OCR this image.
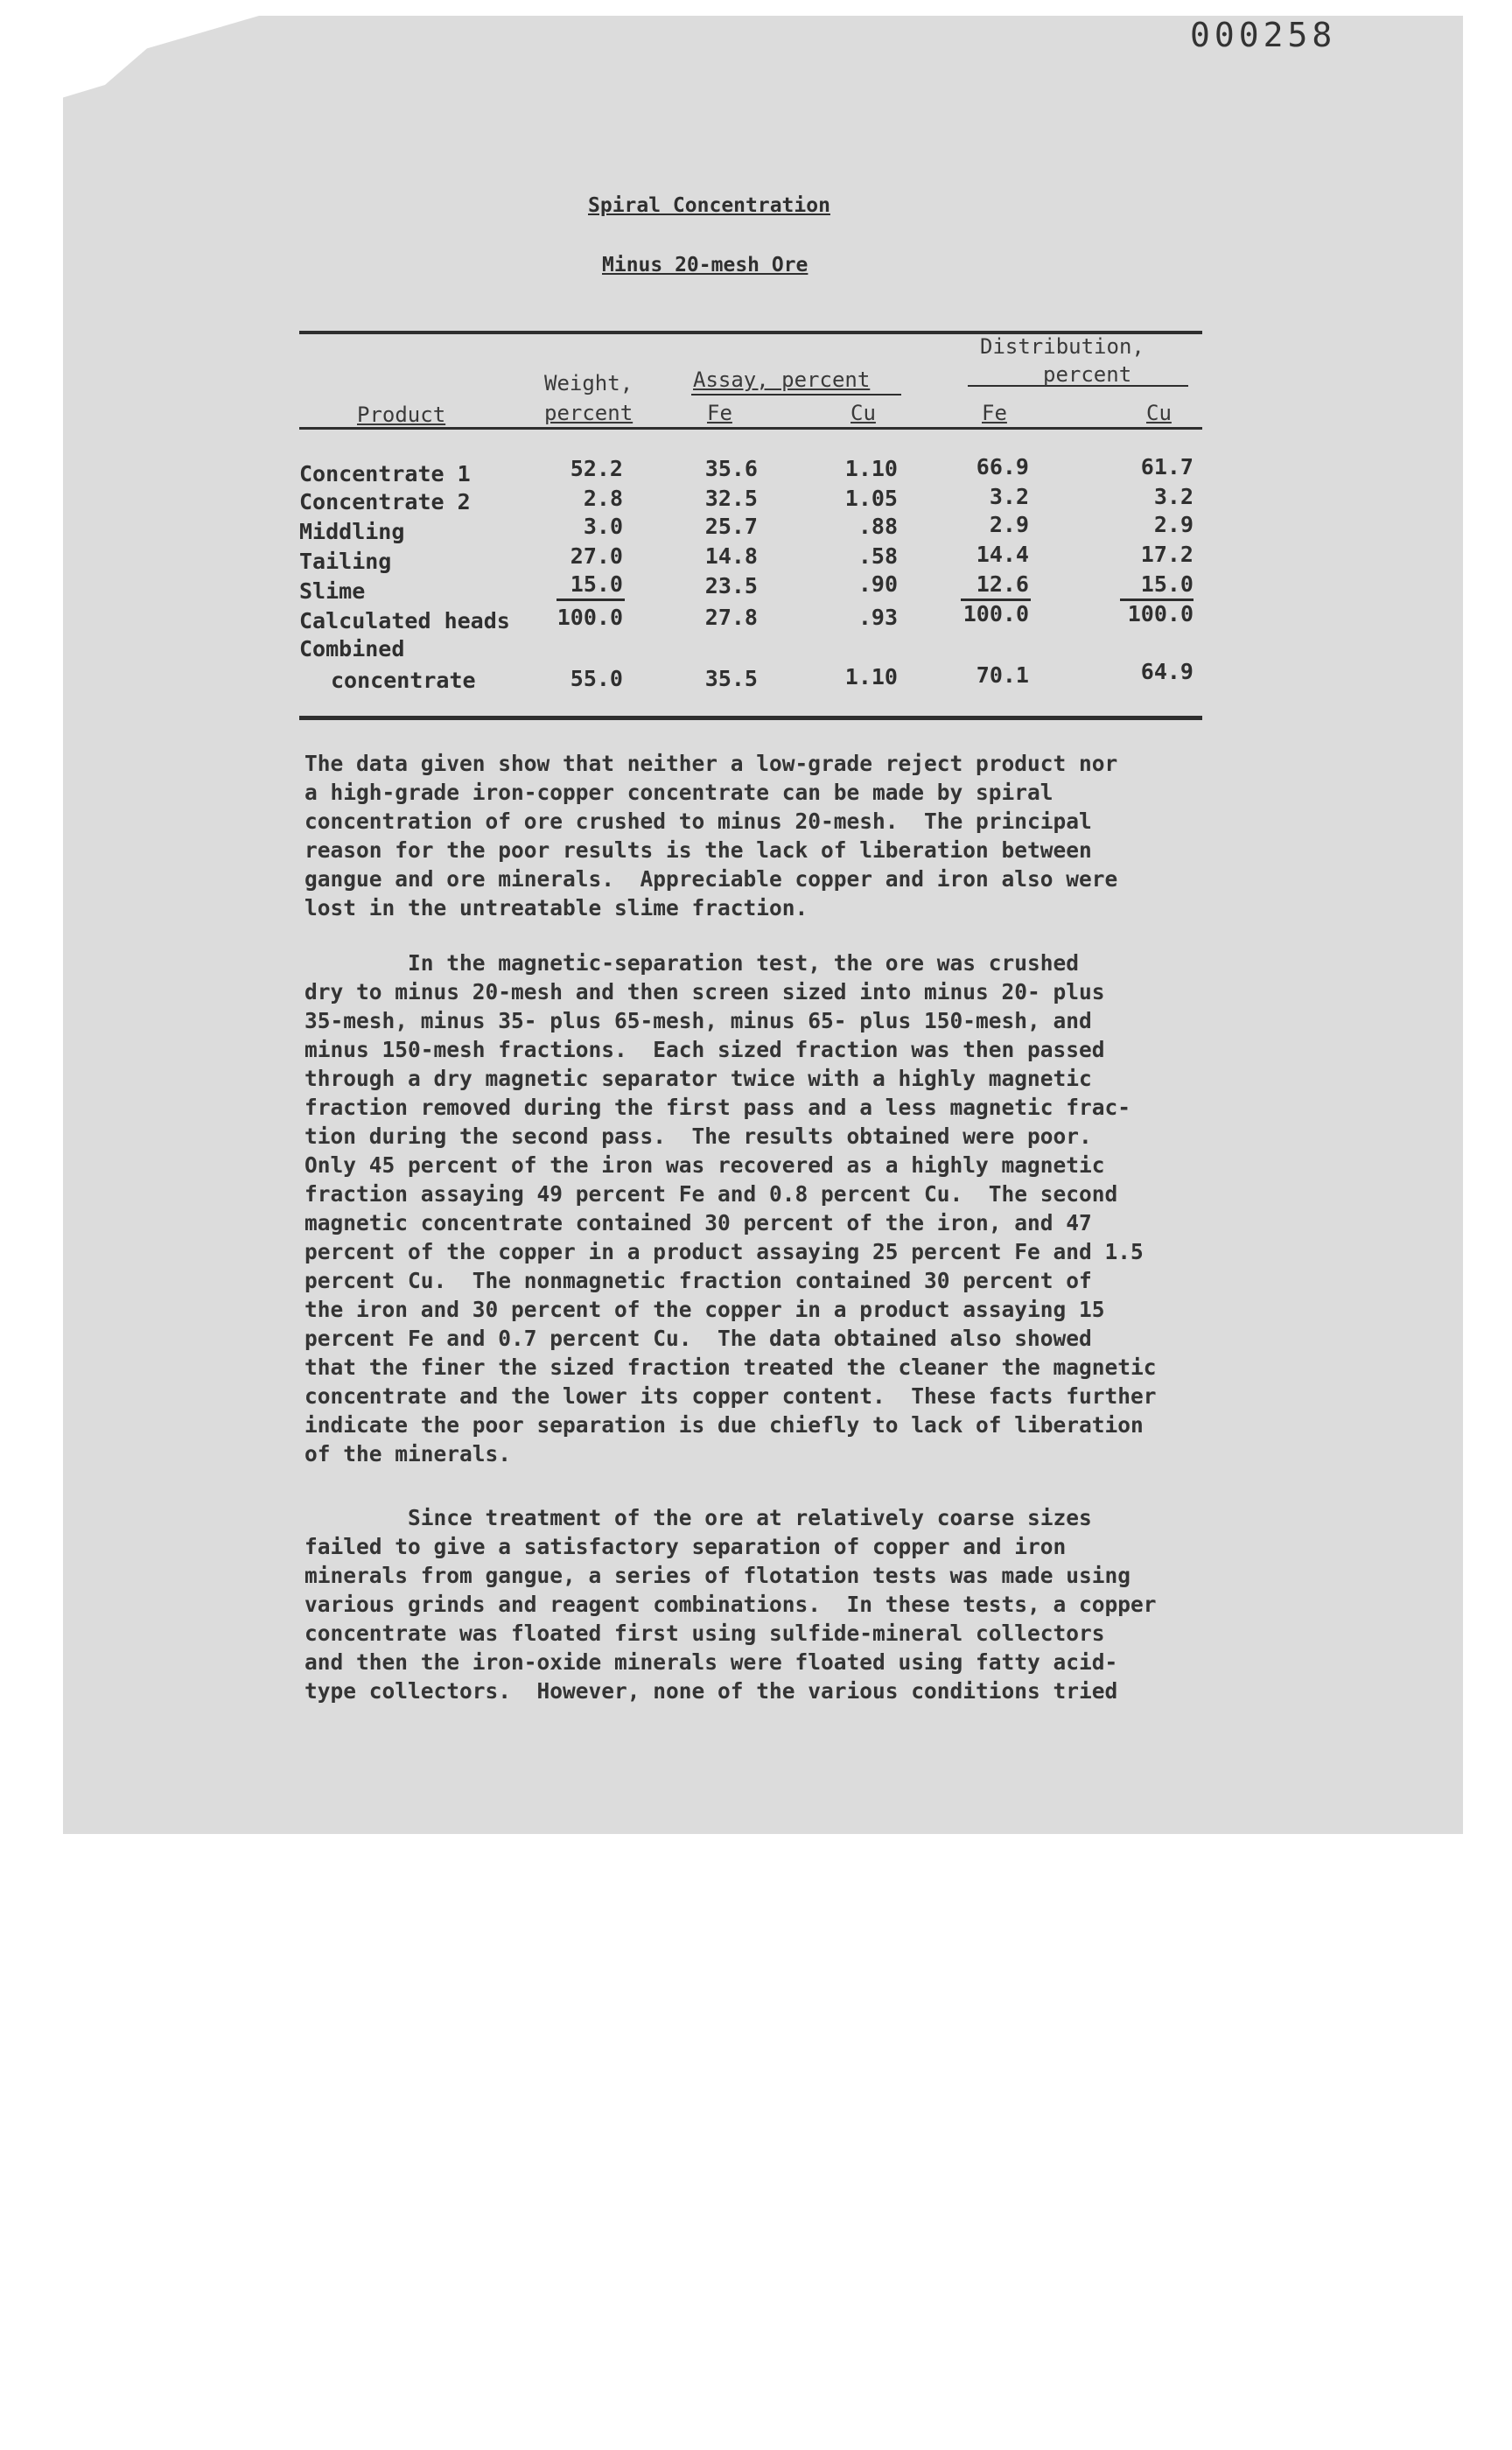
000258
Spiral Concentration
Minus 20-mesh Ore
Product
Weight,
percent
Assay, percent
Fe	Cu
Distribution,
percent
Fe	Cu
Concentrate 1	52.2	35.6	1.10	66.9	61.7
Concentrate 2	2.8	32.5	1.05	3.2	3.2
Middling	3.0	25.7	.88	2.9	2.9
Tailing	27.0	14.8	.58	14.4	17.2
Slime	15.0	23.5	.90	12.6	15.0
Calculated heads	100.0	27.8	.93	100.0	100.0
Combined
concentrate	55.0	35.5	1.10	70.1	64.9
The data given show that neither a low-grade reject product nor
a high-grade iron-copper concentrate can be made by spiral
concentration of ore crushed to minus 20-mesh.  The principal
reason for the poor results is the lack of liberation between
gangue and ore minerals.  Appreciable copper and iron also were
lost in the untreatable slime fraction.
In the magnetic-separation test, the ore was crushed
dry to minus 20-mesh and then screen sized into minus 20- plus
35-mesh, minus 35- plus 65-mesh, minus 65- plus 150-mesh, and
minus 150-mesh fractions.  Each sized fraction was then passed
through a dry magnetic separator twice with a highly magnetic
fraction removed during the first pass and a less magnetic frac-
tion during the second pass.  The results obtained were poor.
Only 45 percent of the iron was recovered as a highly magnetic
fraction assaying 49 percent Fe and 0.8 percent Cu.  The second
magnetic concentrate contained 30 percent of the iron, and 47
percent of the copper in a product assaying 25 percent Fe and 1.5
percent Cu.  The nonmagnetic fraction contained 30 percent of
the iron and 30 percent of the copper in a product assaying 15
percent Fe and 0.7 percent Cu.  The data obtained also showed
that the finer the sized fraction treated the cleaner the magnetic
concentrate and the lower its copper content.  These facts further
indicate the poor separation is due chiefly to lack of liberation
of the minerals.
Since treatment of the ore at relatively coarse sizes
failed to give a satisfactory separation of copper and iron
minerals from gangue, a series of flotation tests was made using
various grinds and reagent combinations.  In these tests, a copper
concentrate was floated first using sulfide-mineral collectors
and then the iron-oxide minerals were floated using fatty acid-
type collectors.  However, none of the various conditions tried
